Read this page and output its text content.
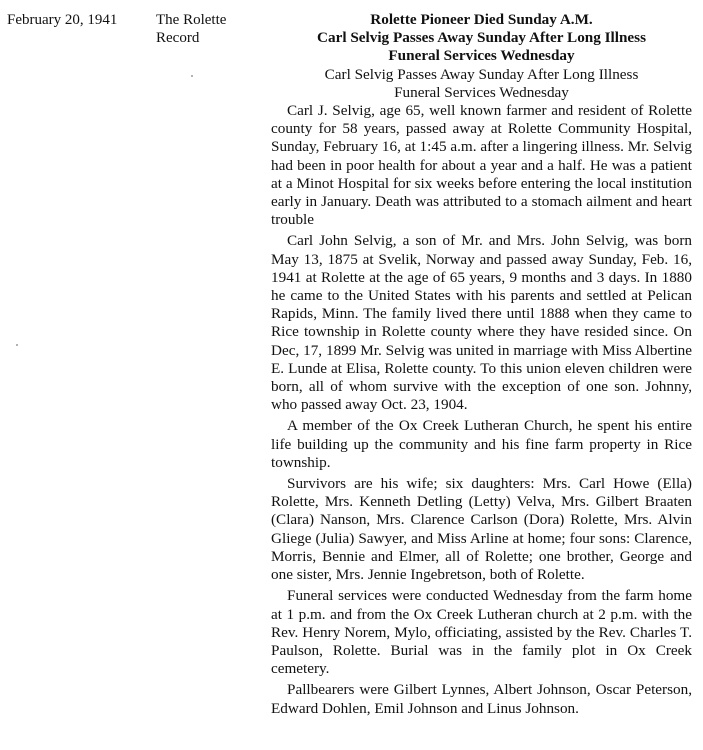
February 20, 1941	The Rolette
Record
Rolette Pioneer Died Sunday A.M.
Carl Selvig Passes Away Sunday After Long Illness
Funeral Services Wednesday
Carl Selvig Passes Away Sunday After Long Illness
Funeral Services Wednesday

Carl J. Selvig, age 65, well known farmer and resident of Rolette county for 58 years, passed away at Rolette Community Hospital, Sunday, February 16, at 1:45 a.m. after a lingering illness. Mr. Selvig had been in poor health for about a year and a half. He was a patient at a Minot Hospital for six weeks before entering the local institution early in January. Death was attributed to a stomach ailment and heart trouble

Carl John Selvig, a son of Mr. and Mrs. John Selvig, was born May 13, 1875 at Svelik, Norway and passed away Sunday, Feb. 16, 1941 at Rolette at the age of 65 years, 9 months and 3 days. In 1880 he came to the United States with his parents and settled at Pelican Rapids, Minn. The family lived there until 1888 when they came to Rice township in Rolette county where they have resided since. On Dec, 17, 1899 Mr. Selvig was united in marriage with Miss Albertine E. Lunde at Elisa, Rolette county. To this union eleven children were born, all of whom survive with the exception of one son. Johnny, who passed away Oct. 23, 1904.

A member of the Ox Creek Lutheran Church, he spent his entire life building up the community and his fine farm property in Rice township.

Survivors are his wife; six daughters: Mrs. Carl Howe (Ella) Rolette, Mrs. Kenneth Detling (Letty) Velva, Mrs. Gilbert Braaten (Clara) Nanson, Mrs. Clarence Carlson (Dora) Rolette, Mrs. Alvin Gliege (Julia) Sawyer, and Miss Arline at home; four sons: Clarence, Morris, Bennie and Elmer, all of Rolette; one brother, George and one sister, Mrs. Jennie Ingebretson, both of Rolette.

Funeral services were conducted Wednesday from the farm home at 1 p.m. and from the Ox Creek Lutheran church at 2 p.m. with the Rev. Henry Norem, Mylo, officiating, assisted by the Rev. Charles T. Paulson, Rolette. Burial was in the family plot in Ox Creek cemetery.

Pallbearers were Gilbert Lynnes, Albert Johnson, Oscar Peterson, Edward Dohlen, Emil Johnson and Linus Johnson.
